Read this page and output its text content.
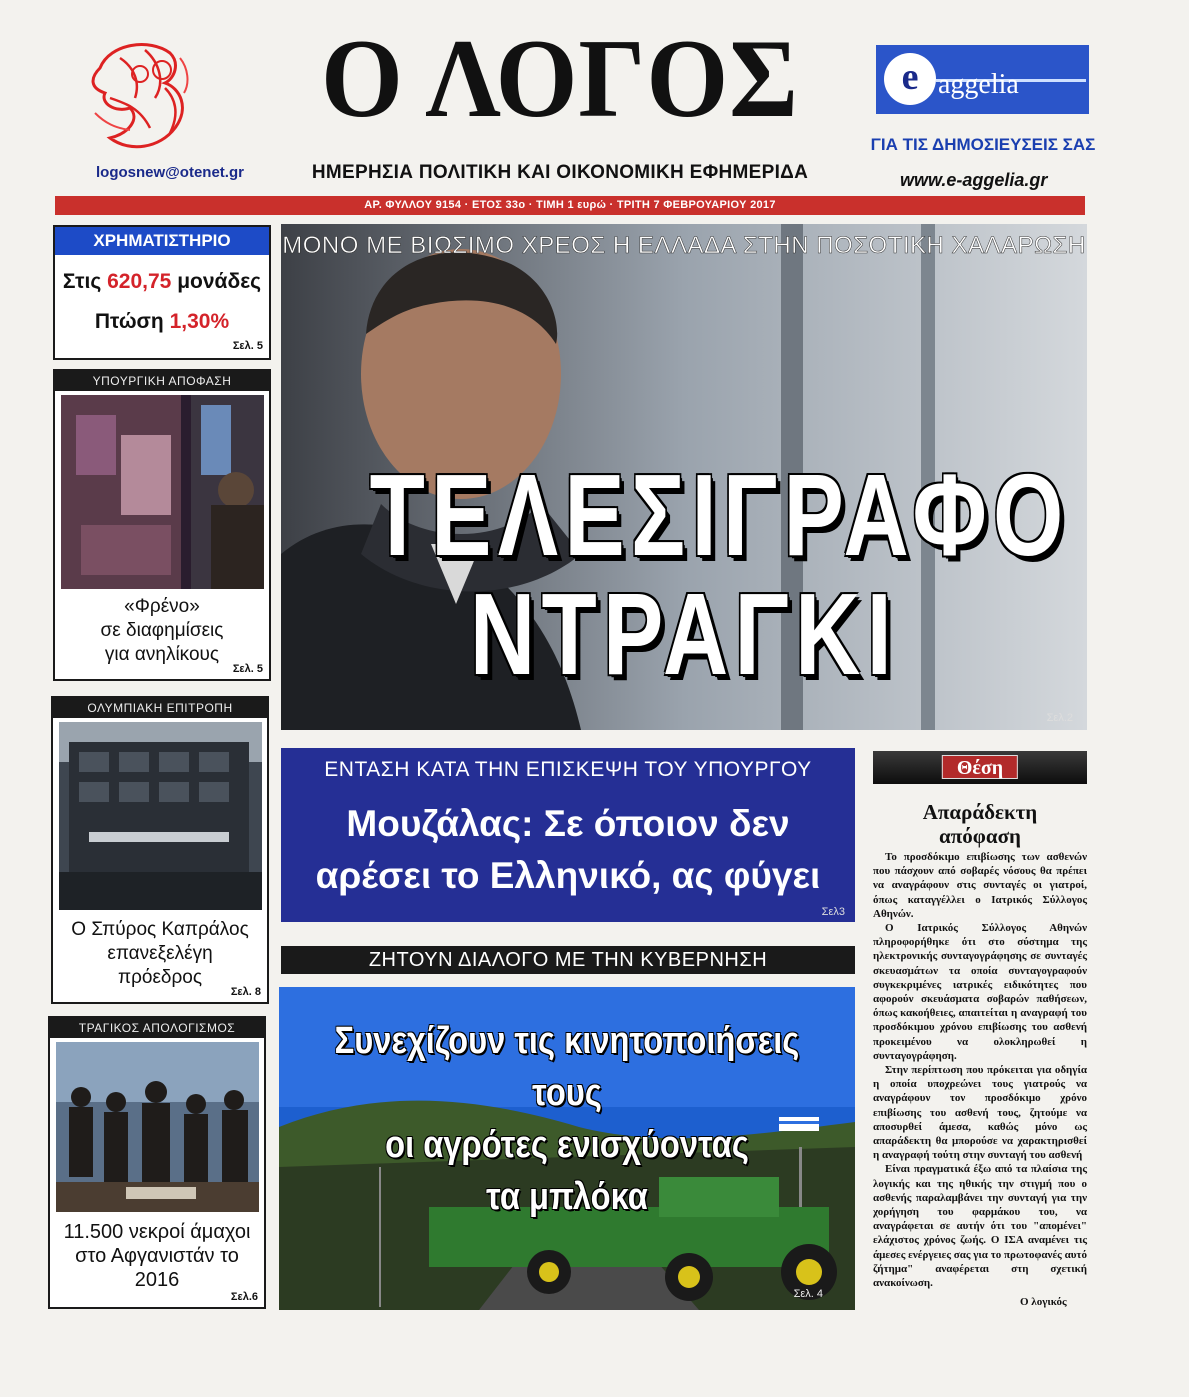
logosnew@otenet.gr
Ο ΛΟΓΟΣ
ΗΜΕΡΗΣΙΑ ΠΟΛΙΤΙΚΗ ΚΑΙ ΟΙΚΟΝΟΜΙΚΗ ΕΦΗΜΕΡΙΔΑ
e aggelia
ΓΙΑ ΤΙΣ ΔΗΜΟΣΙΕΥΣΕΙΣ ΣΑΣ
www.e-aggelia.gr
ΑΡ. ΦΥΛΛΟΥ 9154 · ΕΤΟΣ 33ο · ΤΙΜΗ 1 ευρώ · ΤΡΙΤΗ 7 ΦΕΒΡΟΥΑΡΙΟΥ 2017
ΧΡΗΜΑΤΙΣΤΗΡΙΟ
Στις 620,75 μονάδες
Πτώση 1,30%
Σελ. 5
ΥΠΟΥΡΓΙΚΗ ΑΠΟΦΑΣΗ
«Φρένο»
σε διαφημίσεις
για ανηλίκους
Σελ. 5
ΟΛΥΜΠΙΑΚΗ ΕΠΙΤΡΟΠΗ
Ο Σπύρος Καπράλος
επανεξελέγη
πρόεδρος
Σελ. 8
ΤΡΑΓΙΚΟΣ ΑΠΟΛΟΓΙΣΜΟΣ
11.500 νεκροί άμαχοι
στο Αφγανιστάν το
2016
Σελ.6
ΜΟΝΟ ΜΕ ΒΙΩΣΙΜΟ ΧΡΕΟΣ Η ΕΛΛΑΔΑ ΣΤΗΝ ΠΟΣΟΤΙΚΗ ΧΑΛΑΡΩΣΗ
ΤΕΛΕΣΙΓΡΑΦΟ
ΝΤΡΑΓΚΙ
Σελ.2
ΕΝΤΑΣΗ ΚΑΤΑ ΤΗΝ ΕΠΙΣΚΕΨΗ ΤΟΥ ΥΠΟΥΡΓΟΥ
Μουζάλας: Σε όποιον δεν
αρέσει το Ελληνικό, ας φύγει
Σελ3
ΖΗΤΟΥΝ ΔΙΑΛΟΓΟ ΜΕ ΤΗΝ ΚΥΒΕΡΝΗΣΗ
Συνεχίζουν τις κινητοποιήσεις τους
οι αγρότες ενισχύοντας
τα μπλόκα
Σελ. 4
Θέση
Απαράδεκτη
απόφαση

Το προσδόκιμο επιβίωσης των ασθενών που πάσχουν από σοβαρές νόσους θα πρέπει να αναγράφουν στις συνταγές οι γιατροί, όπως καταγγέλλει ο Ιατρικός Σύλλογος Αθηνών.

Ο Ιατρικός Σύλλογος Αθηνών πληροφορήθηκε ότι στο σύστημα της ηλεκτρονικής συνταγογράφησης σε συνταγές σκευασμάτων τα οποία συνταγογραφούν συγκεκριμένες ιατρικές ειδικότητες που αφορούν σκευάσματα σοβαρών παθήσεων, όπως κακοήθειες, απαιτείται η αναγραφή του προσδόκιμου χρόνου επιβίωσης του ασθενή προκειμένου να ολοκληρωθεί η συνταγογράφηση.

Στην περίπτωση που πρόκειται για οδηγία η οποία υποχρεώνει τους γιατρούς να αναγράφουν τον προσδόκιμο χρόνο επιβίωσης του ασθενή τους, ζητούμε να αποσυρθεί άμεσα, καθώς μόνο ως απαράδεκτη θα μπορούσε να χαρακτηρισθεί η αναγραφή τούτη στην συνταγή του ασθενή

Είναι πραγματικά έξω από τα πλαίσια της λογικής και της ηθικής την στιγμή που ο ασθενής παραλαμβάνει την συνταγή για την χορήγηση του φαρμάκου του, να αναγράφεται σε αυτήν ότι του "απομένει" ελάχιστος χρόνος ζωής. Ο ΙΣΑ αναμένει τις άμεσες ενέργειες σας για το πρωτοφανές αυτό ζήτημα" αναφέρεται στη σχετική ανακοίνωση.

Ο λογικός
